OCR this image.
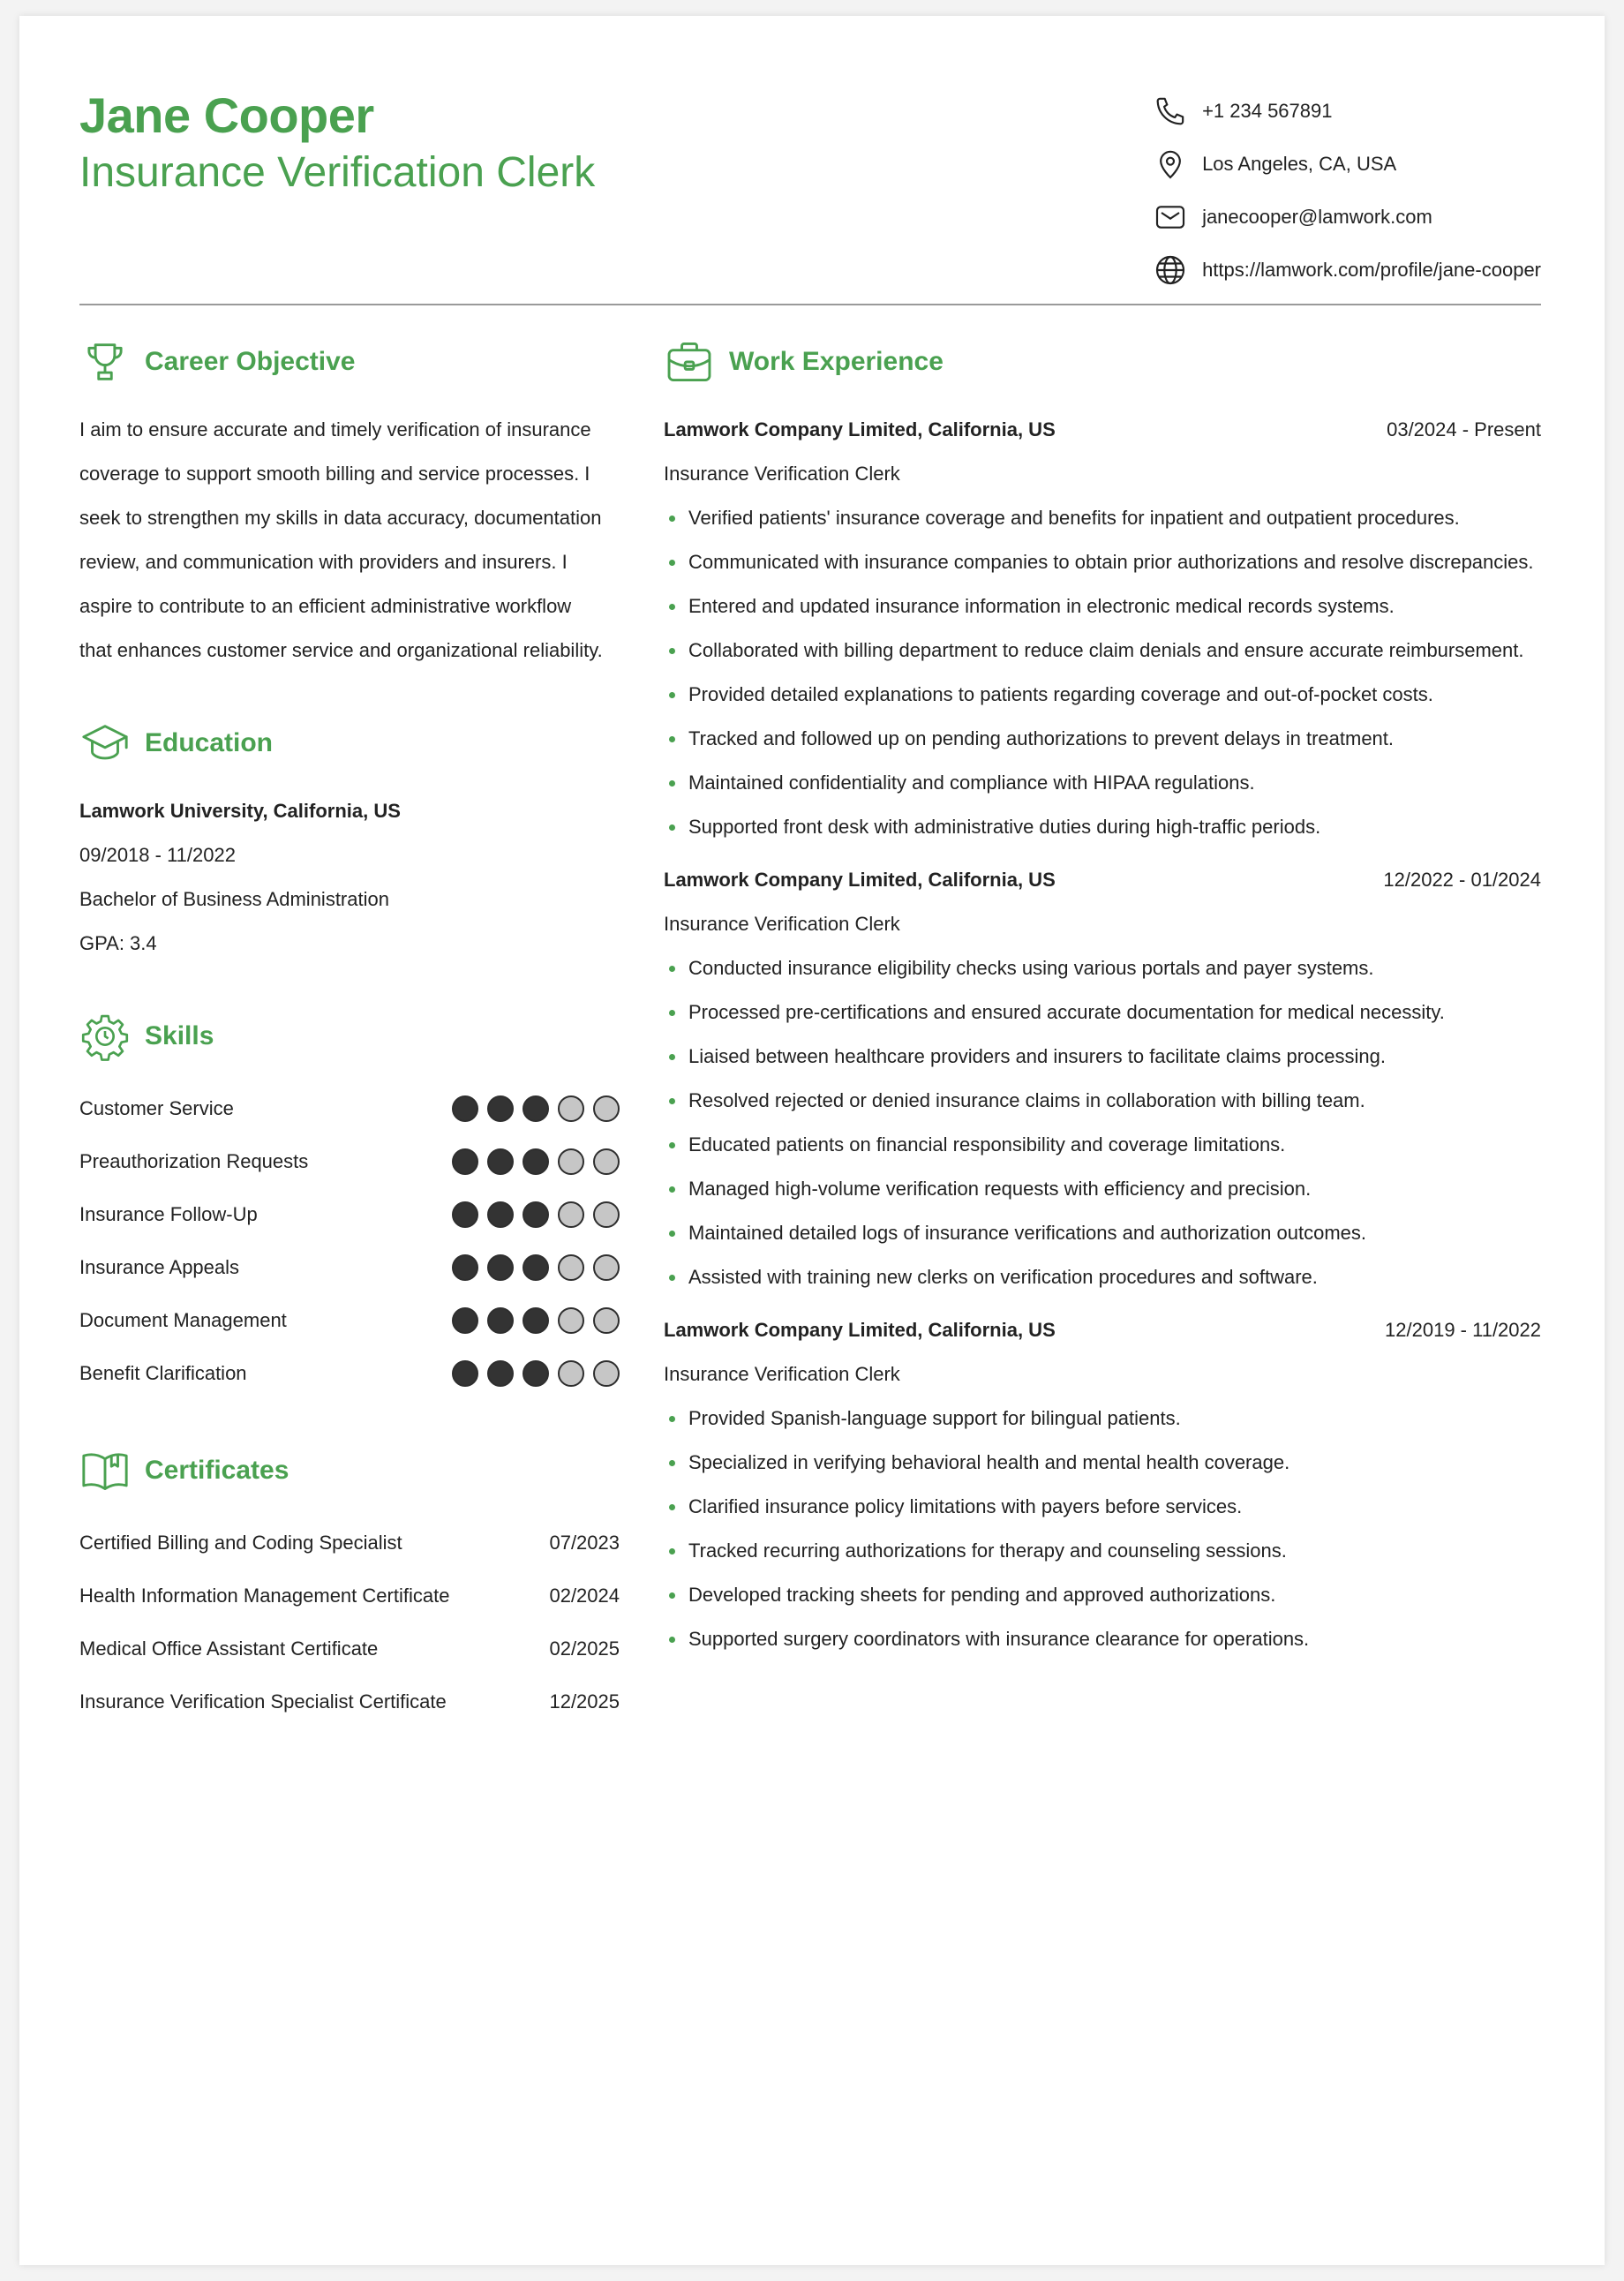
Jane Cooper
Insurance Verification Clerk
+1 234 567891
Los Angeles, CA, USA
janecooper@lamwork.com
https://lamwork.com/profile/jane-cooper
Career Objective
I aim to ensure accurate and timely verification of insurance
coverage to support smooth billing and service processes. I
seek to strengthen my skills in data accuracy, documentation
review, and communication with providers and insurers. I
aspire to contribute to an efficient administrative workflow
that enhances customer service and organizational reliability.
Education
Lamwork University, California, US
09/2018 - 11/2022
Bachelor of Business Administration
GPA: 3.4
Skills
Customer Service
Preauthorization Requests
Insurance Follow-Up
Insurance Appeals
Document Management
Benefit Clarification
Certificates
Certified Billing and Coding Specialist	07/2023
Health Information Management Certificate	02/2024
Medical Office Assistant Certificate	02/2025
Insurance Verification Specialist Certificate	12/2025
Work Experience
Lamwork Company Limited, California, US	03/2024 - Present
Insurance Verification Clerk
Verified patients' insurance coverage and benefits for inpatient and outpatient procedures.
Communicated with insurance companies to obtain prior authorizations and resolve discrepancies.
Entered and updated insurance information in electronic medical records systems.
Collaborated with billing department to reduce claim denials and ensure accurate reimbursement.
Provided detailed explanations to patients regarding coverage and out-of-pocket costs.
Tracked and followed up on pending authorizations to prevent delays in treatment.
Maintained confidentiality and compliance with HIPAA regulations.
Supported front desk with administrative duties during high-traffic periods.
Lamwork Company Limited, California, US	12/2022 - 01/2024
Insurance Verification Clerk
Conducted insurance eligibility checks using various portals and payer systems.
Processed pre-certifications and ensured accurate documentation for medical necessity.
Liaised between healthcare providers and insurers to facilitate claims processing.
Resolved rejected or denied insurance claims in collaboration with billing team.
Educated patients on financial responsibility and coverage limitations.
Managed high-volume verification requests with efficiency and precision.
Maintained detailed logs of insurance verifications and authorization outcomes.
Assisted with training new clerks on verification procedures and software.
Lamwork Company Limited, California, US	12/2019 - 11/2022
Insurance Verification Clerk
Provided Spanish-language support for bilingual patients.
Specialized in verifying behavioral health and mental health coverage.
Clarified insurance policy limitations with payers before services.
Tracked recurring authorizations for therapy and counseling sessions.
Developed tracking sheets for pending and approved authorizations.
Supported surgery coordinators with insurance clearance for operations.
